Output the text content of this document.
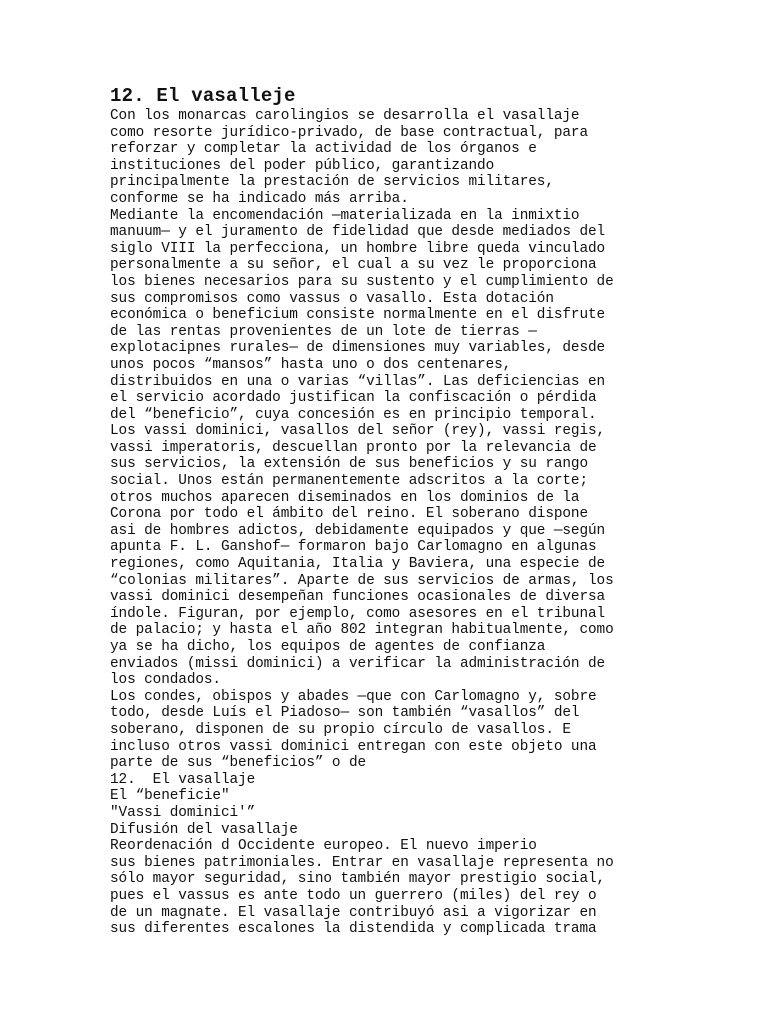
12. El vasalleje
Con los monarcas carolingios se desarrolla el vasallaje
como resorte jurídico-privado, de base contractual, para
reforzar y completar la actividad de los órganos e
instituciones del poder público, garantizando
principalmente la prestación de servicios militares,
conforme se ha indicado más arriba.
Mediante la encomendación —materializada en la inmixtio
manuum— y el juramento de fidelidad que desde mediados del
siglo VIII la perfecciona, un hombre libre queda vinculado
personalmente a su señor, el cual a su vez le proporciona
los bienes necesarios para su sustento y el cumplimiento de
sus compromisos como vassus o vasallo. Esta dotación
económica o beneficium consiste normalmente en el disfrute
de las rentas provenientes de un lote de tierras —
explotacipnes rurales— de dimensiones muy variables, desde
unos pocos “mansos” hasta uno o dos centenares,
distribuidos en una o varias “villas”. Las deficiencias en
el servicio acordado justifican la confiscación o pérdida
del “beneficio”, cuya concesión es en principio temporal.
Los vassi dominici, vasallos del señor (rey), vassi regis,
vassi imperatoris, descuellan pronto por la relevancia de
sus servicios, la extensión de sus beneficios y su rango
social. Unos están permanentemente adscritos a la corte;
otros muchos aparecen diseminados en los dominios de la
Corona por todo el ámbito del reino. El soberano dispone
asi de hombres adictos, debidamente equipados y que —según
apunta F. L. Ganshof— formaron bajo Carlomagno en algunas
regiones, como Aquitania, Italia y Baviera, una especie de
“colonias militares”. Aparte de sus servicios de armas, los
vassi dominici desempeñan funciones ocasionales de diversa
índole. Figuran, por ejemplo, como asesores en el tribunal
de palacio; y hasta el año 802 integran habitualmente, como
ya se ha dicho, los equipos de agentes de confianza
enviados (missi dominici) a verificar la administración de
los condados.
Los condes, obispos y abades —que con Carlomagno y, sobre
todo, desde Luís el Piadoso— son también “vasallos” del
soberano, disponen de su propio círculo de vasallos. E
incluso otros vassi dominici entregan con este objeto una
parte de sus “beneficios” o de
12.  El vasallaje
El “beneficie"
"Vassi dominici'”
Difusión del vasallaje
Reordenación d Occidente europeo. El nuevo imperio
sus bienes patrimoniales. Entrar en vasallaje representa no
sólo mayor seguridad, sino también mayor prestigio social,
pues el vassus es ante todo un guerrero (miles) del rey o
de un magnate. El vasallaje contribuyó asi a vigorizar en
sus diferentes escalones la distendida y complicada trama
